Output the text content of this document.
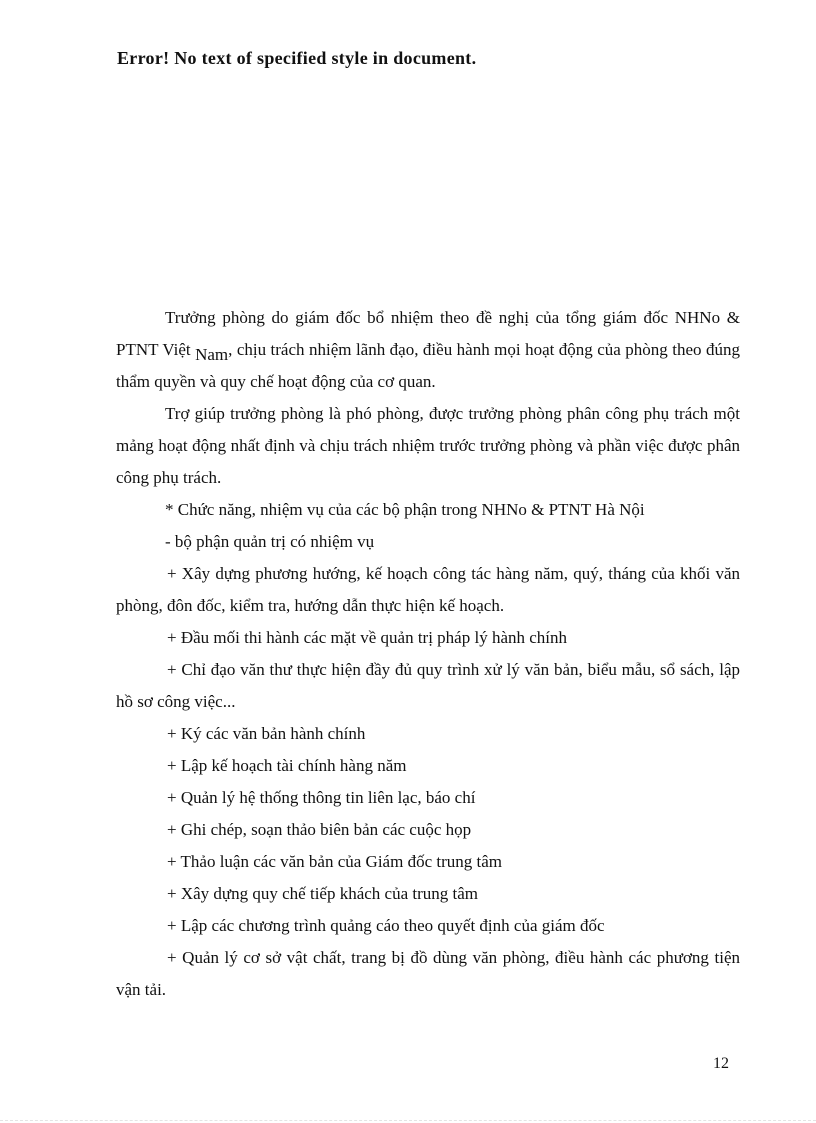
Error! No text of specified style in document.

Trưởng phòng do giám đốc bổ nhiệm theo đề nghị của tổng giám đốc NHNo & PTNT Việt Nam, chịu trách nhiệm lãnh đạo, điều hành mọi hoạt động của phòng theo đúng thẩm quyền và quy chế hoạt động của cơ quan.

Trợ giúp trưởng phòng là phó phòng, được trưởng phòng phân công phụ trách một mảng hoạt động nhất định và chịu trách nhiệm trước trưởng phòng và phần việc được phân công phụ trách.

* Chức năng, nhiệm vụ của các bộ phận trong NHNo & PTNT Hà Nội

- bộ phận quản trị có nhiệm vụ

+ Xây dựng phương hướng, kế hoạch công tác hàng năm, quý, tháng của khối văn phòng, đôn đốc, kiểm tra, hướng dẫn thực hiện kế hoạch.

+ Đầu mối thi hành các mặt về quản trị pháp lý hành chính

+ Chỉ đạo văn thư thực hiện đầy đủ quy trình xử lý văn bản, biểu mẫu, sổ sách, lập hồ sơ công việc...

+ Ký các văn bản hành chính

+ Lập kế hoạch tài chính hàng năm

+ Quản lý hệ thống thông tin liên lạc, báo chí

+ Ghi chép, soạn thảo biên bản các cuộc họp

+ Thảo luận các văn bản của Giám đốc trung tâm

+ Xây dựng quy chế tiếp khách của trung tâm

+ Lập các chương trình quảng cáo theo quyết định của giám đốc

+ Quản lý cơ sở vật chất, trang bị đồ dùng văn phòng, điều hành các phương tiện vận tải.

12
